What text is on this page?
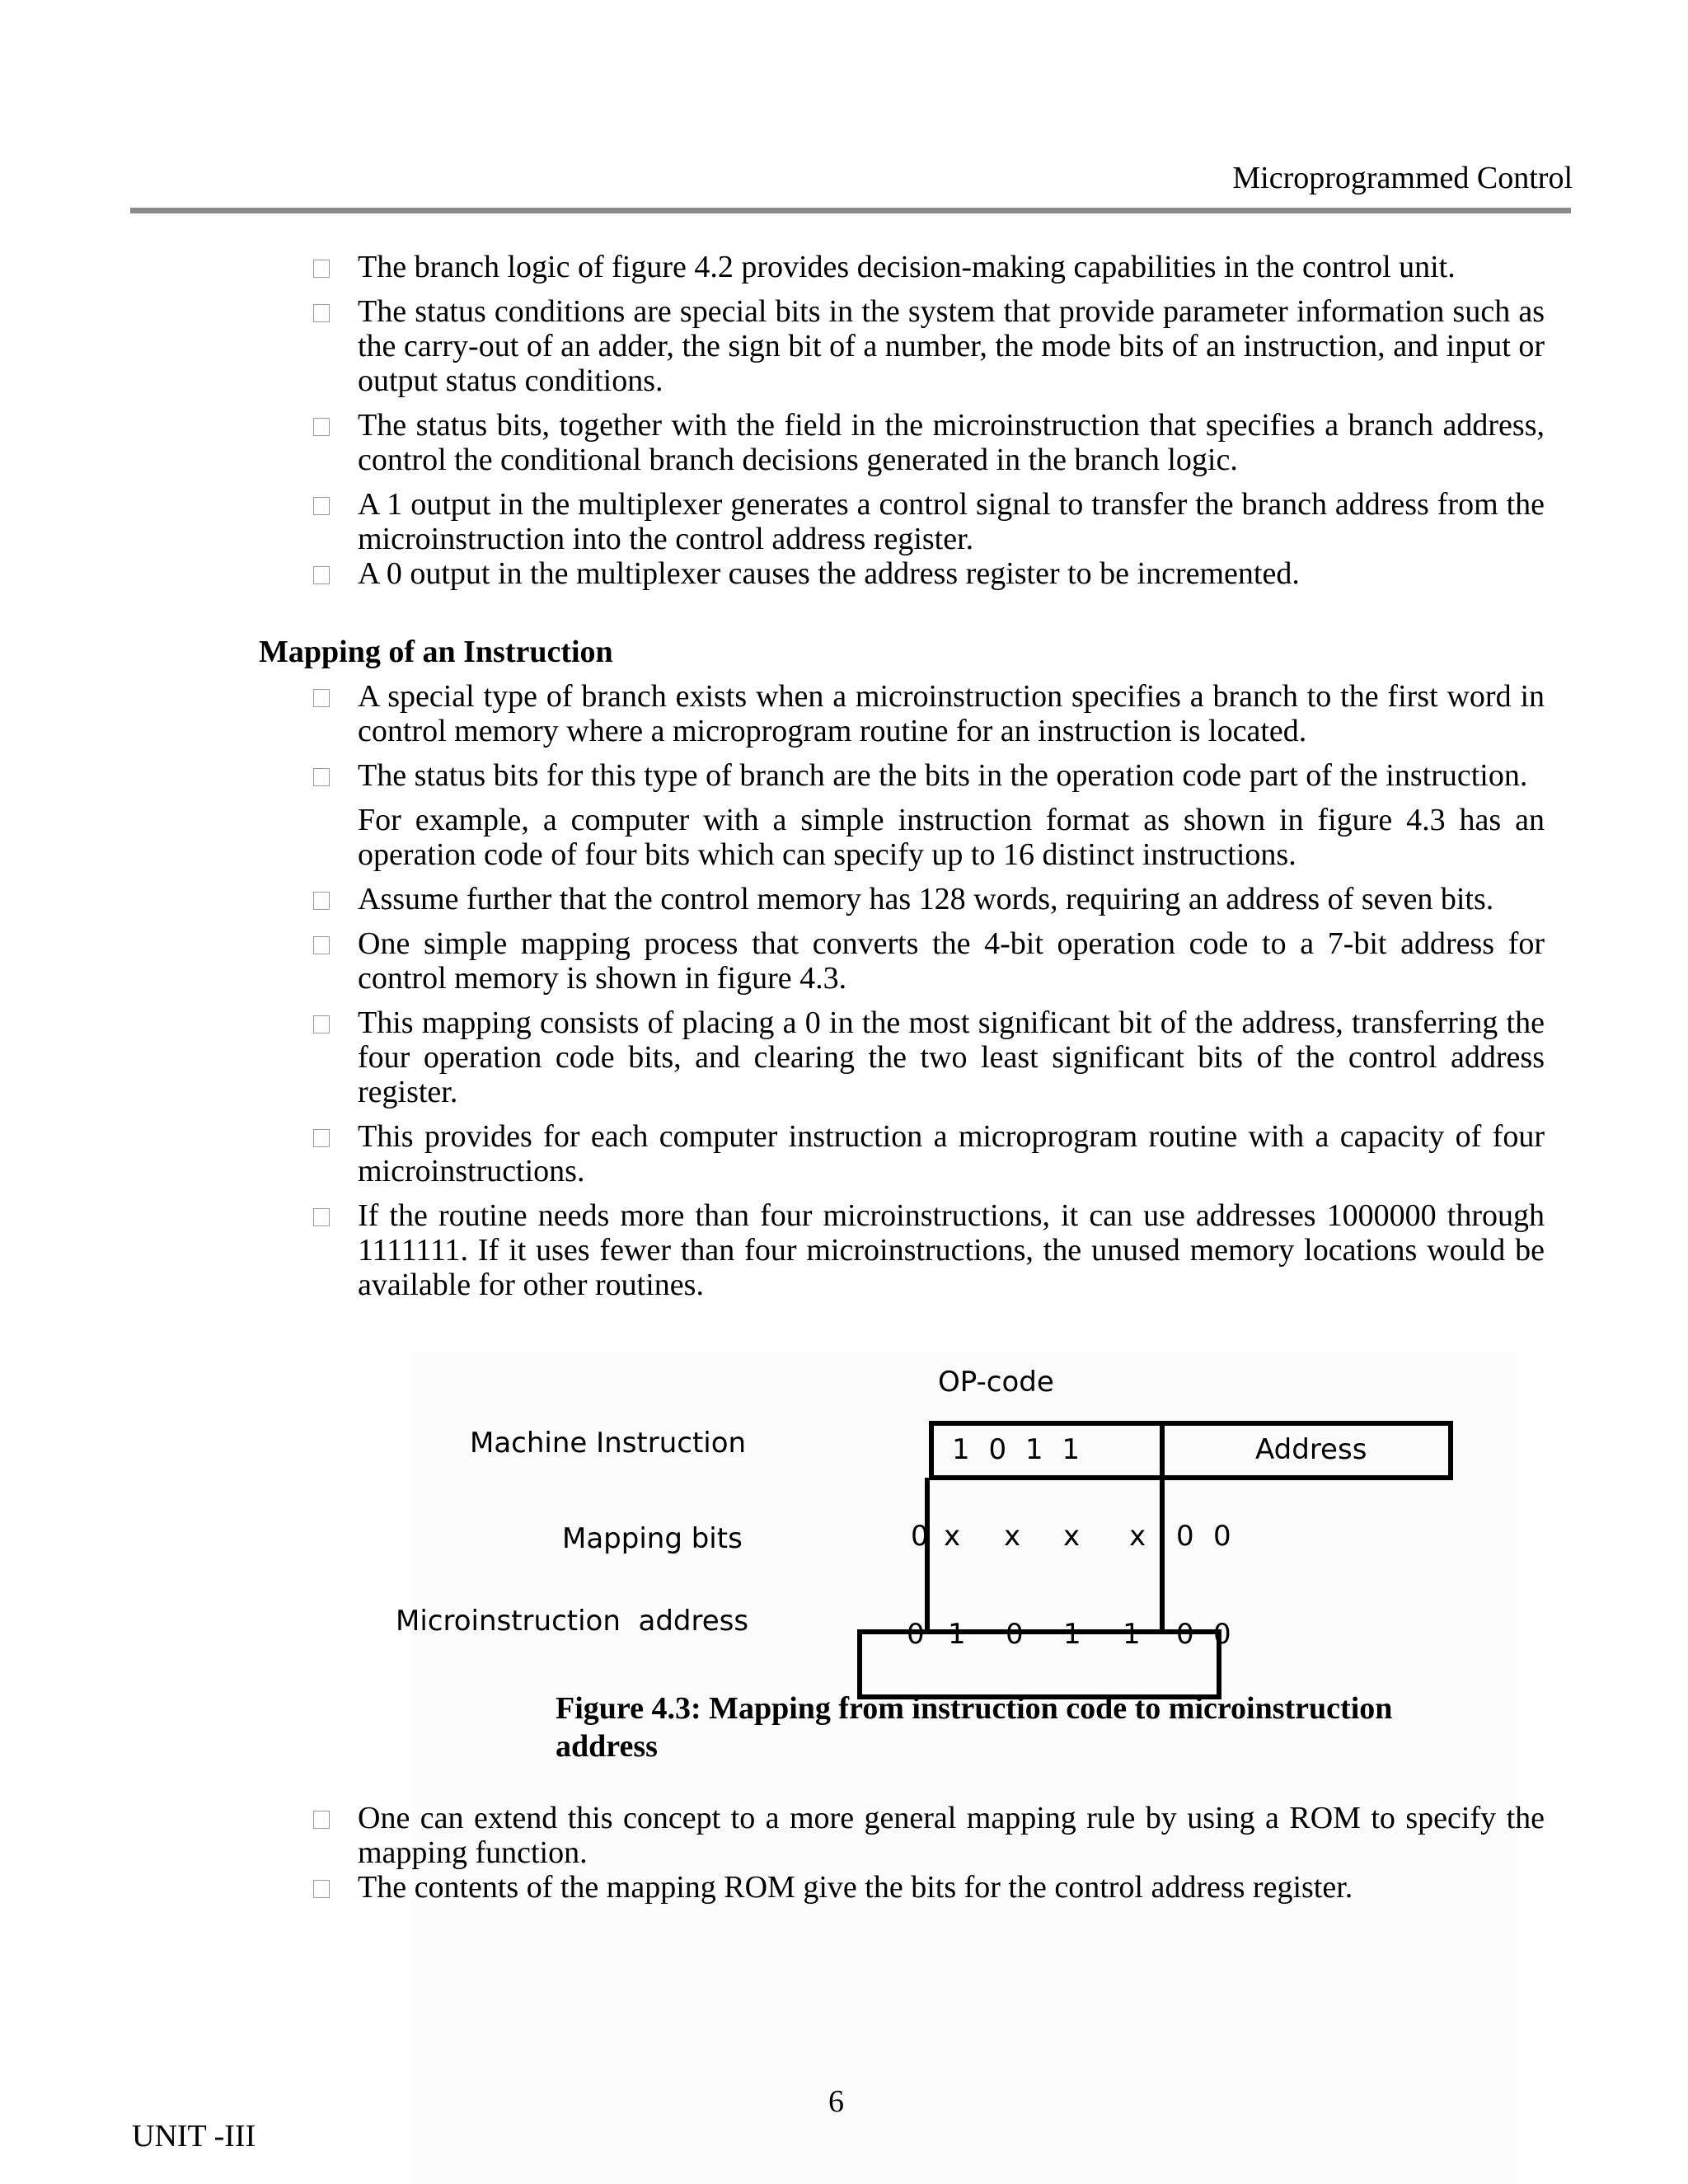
Microprogrammed Control

The branch logic of figure 4.2 provides decision-making capabilities in the control unit.
The status conditions are special bits in the system that provide parameter information such as the carry-out of an adder, the sign bit of a number, the mode bits of an instruction, and input or output status conditions.
The status bits, together with the field in the microinstruction that specifies a branch address, control the conditional branch decisions generated in the branch logic.
A 1 output in the multiplexer generates a control signal to transfer the branch address from the microinstruction into the control address register.
A 0 output in the multiplexer causes the address register to be incremented.
Mapping of an Instruction
A special type of branch exists when a microinstruction specifies a branch to the first word in control memory where a microprogram routine for an instruction is located.
The status bits for this type of branch are the bits in the operation code part of the instruction.
For example, a computer with a simple instruction format as shown in figure 4.3 has an operation code of four bits which can specify up to 16 distinct instructions.
Assume further that the control memory has 128 words, requiring an address of seven bits.
One simple mapping process that converts the 4-bit operation code to a 7-bit address for control memory is shown in figure 4.3.
This mapping consists of placing a 0 in the most significant bit of the address, transferring the four operation code bits, and clearing the two least significant bits of the control address register.
This provides for each computer instruction a microprogram routine with a capacity of four microinstructions.
If the routine needs more than four microinstructions, it can use addresses 1000000 through 1111111. If it uses fewer than four microinstructions, the unused memory locations would be available for other routines.
OP-code
Machine Instruction	1 0 1 1	Address
Mapping bits	0 x x x x 0 0
Microinstruction  address	0 1 0 1 1 0 0

Figure 4.3: Mapping from instruction code to microinstruction address

One can extend this concept to a more general mapping rule by using a ROM to specify the mapping function.
The contents of the mapping ROM give the bits for the control address register.

6

UNIT -III
